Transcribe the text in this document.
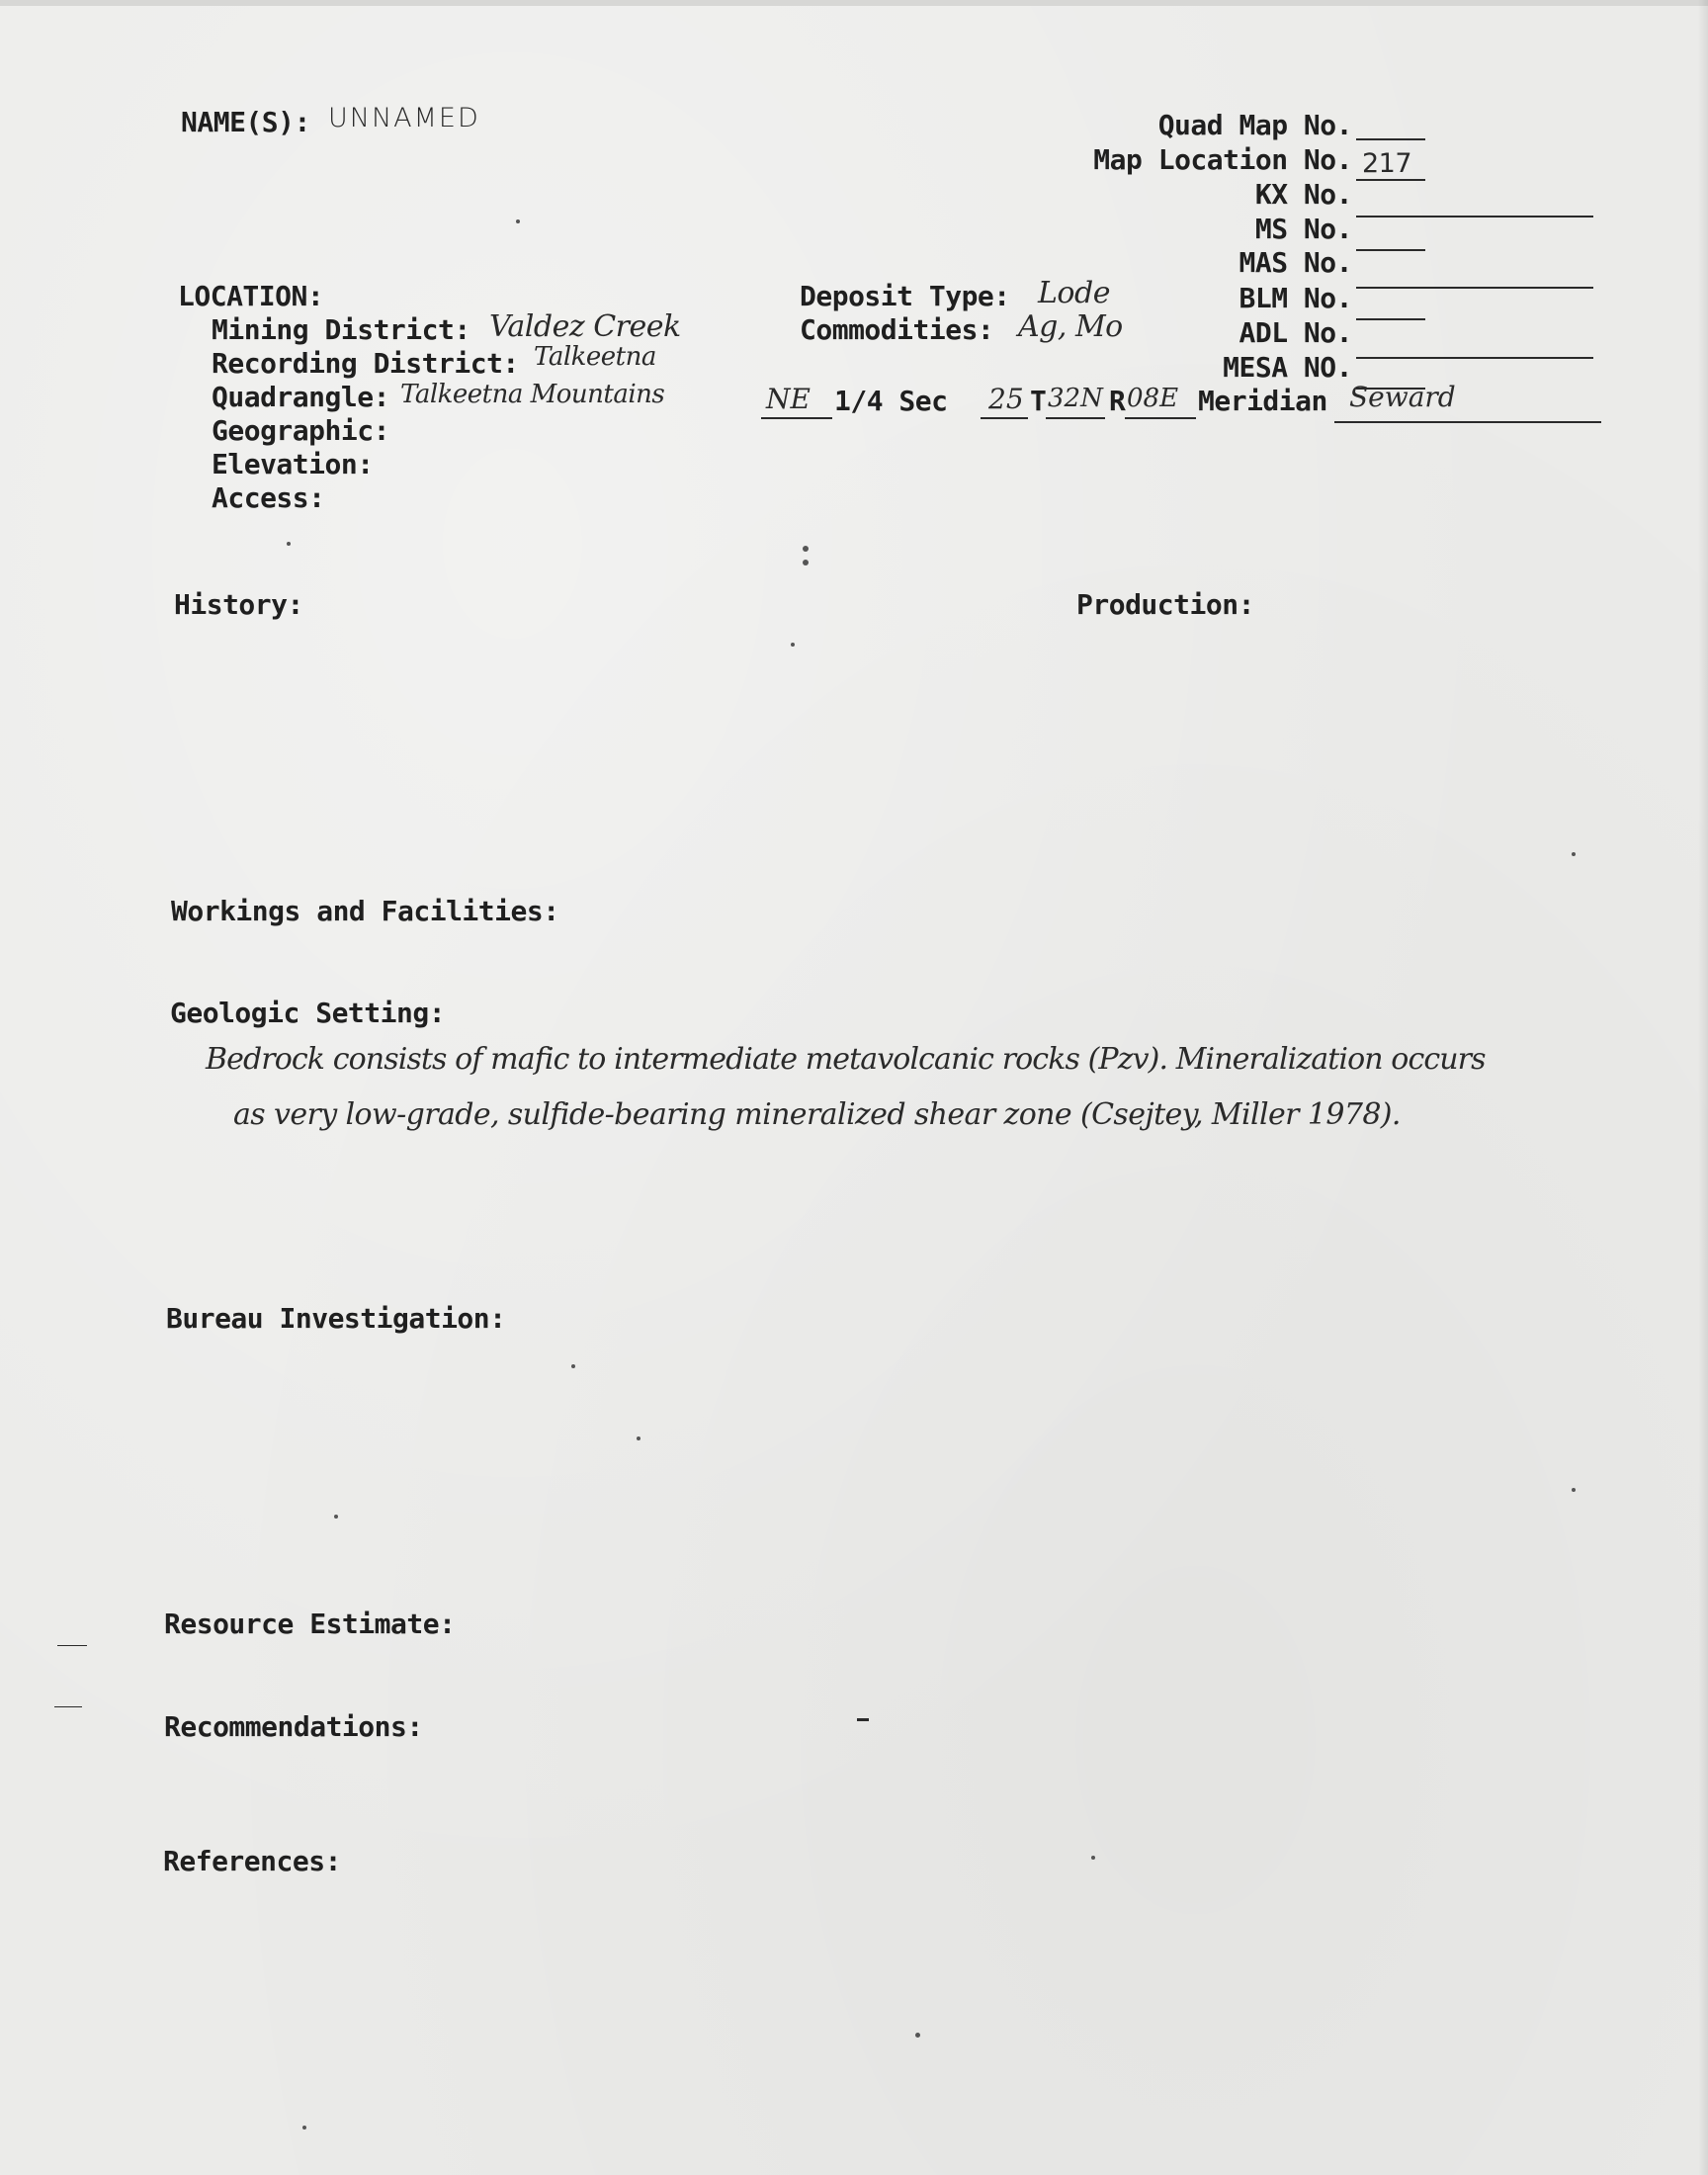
NAME(S): UNNAMED	Quad Map No.
Map Location No. 217
KX No.
MS No.
MAS No.
BLM No.
ADL No.
MESA NO.
LOCATION:
Mining District: Valdez Creek
Recording District: Talkeetna
Quadrangle: Talkeetna Mountains
Geographic:
Elevation:
Access:
Deposit Type: Lode
Commodities: Ag, Mo
NE 1/4 Sec 25 T 32N R 08E Meridian Seward
History:	Production:
Workings and Facilities:
Geologic Setting:
Bedrock consists of mafic to intermediate metavolcanic rocks (Pzv). Mineralization occurs
as very low-grade, sulfide-bearing mineralized shear zone (Csejtey, Miller 1978).
Bureau Investigation:
Resource Estimate:
Recommendations:
References:
